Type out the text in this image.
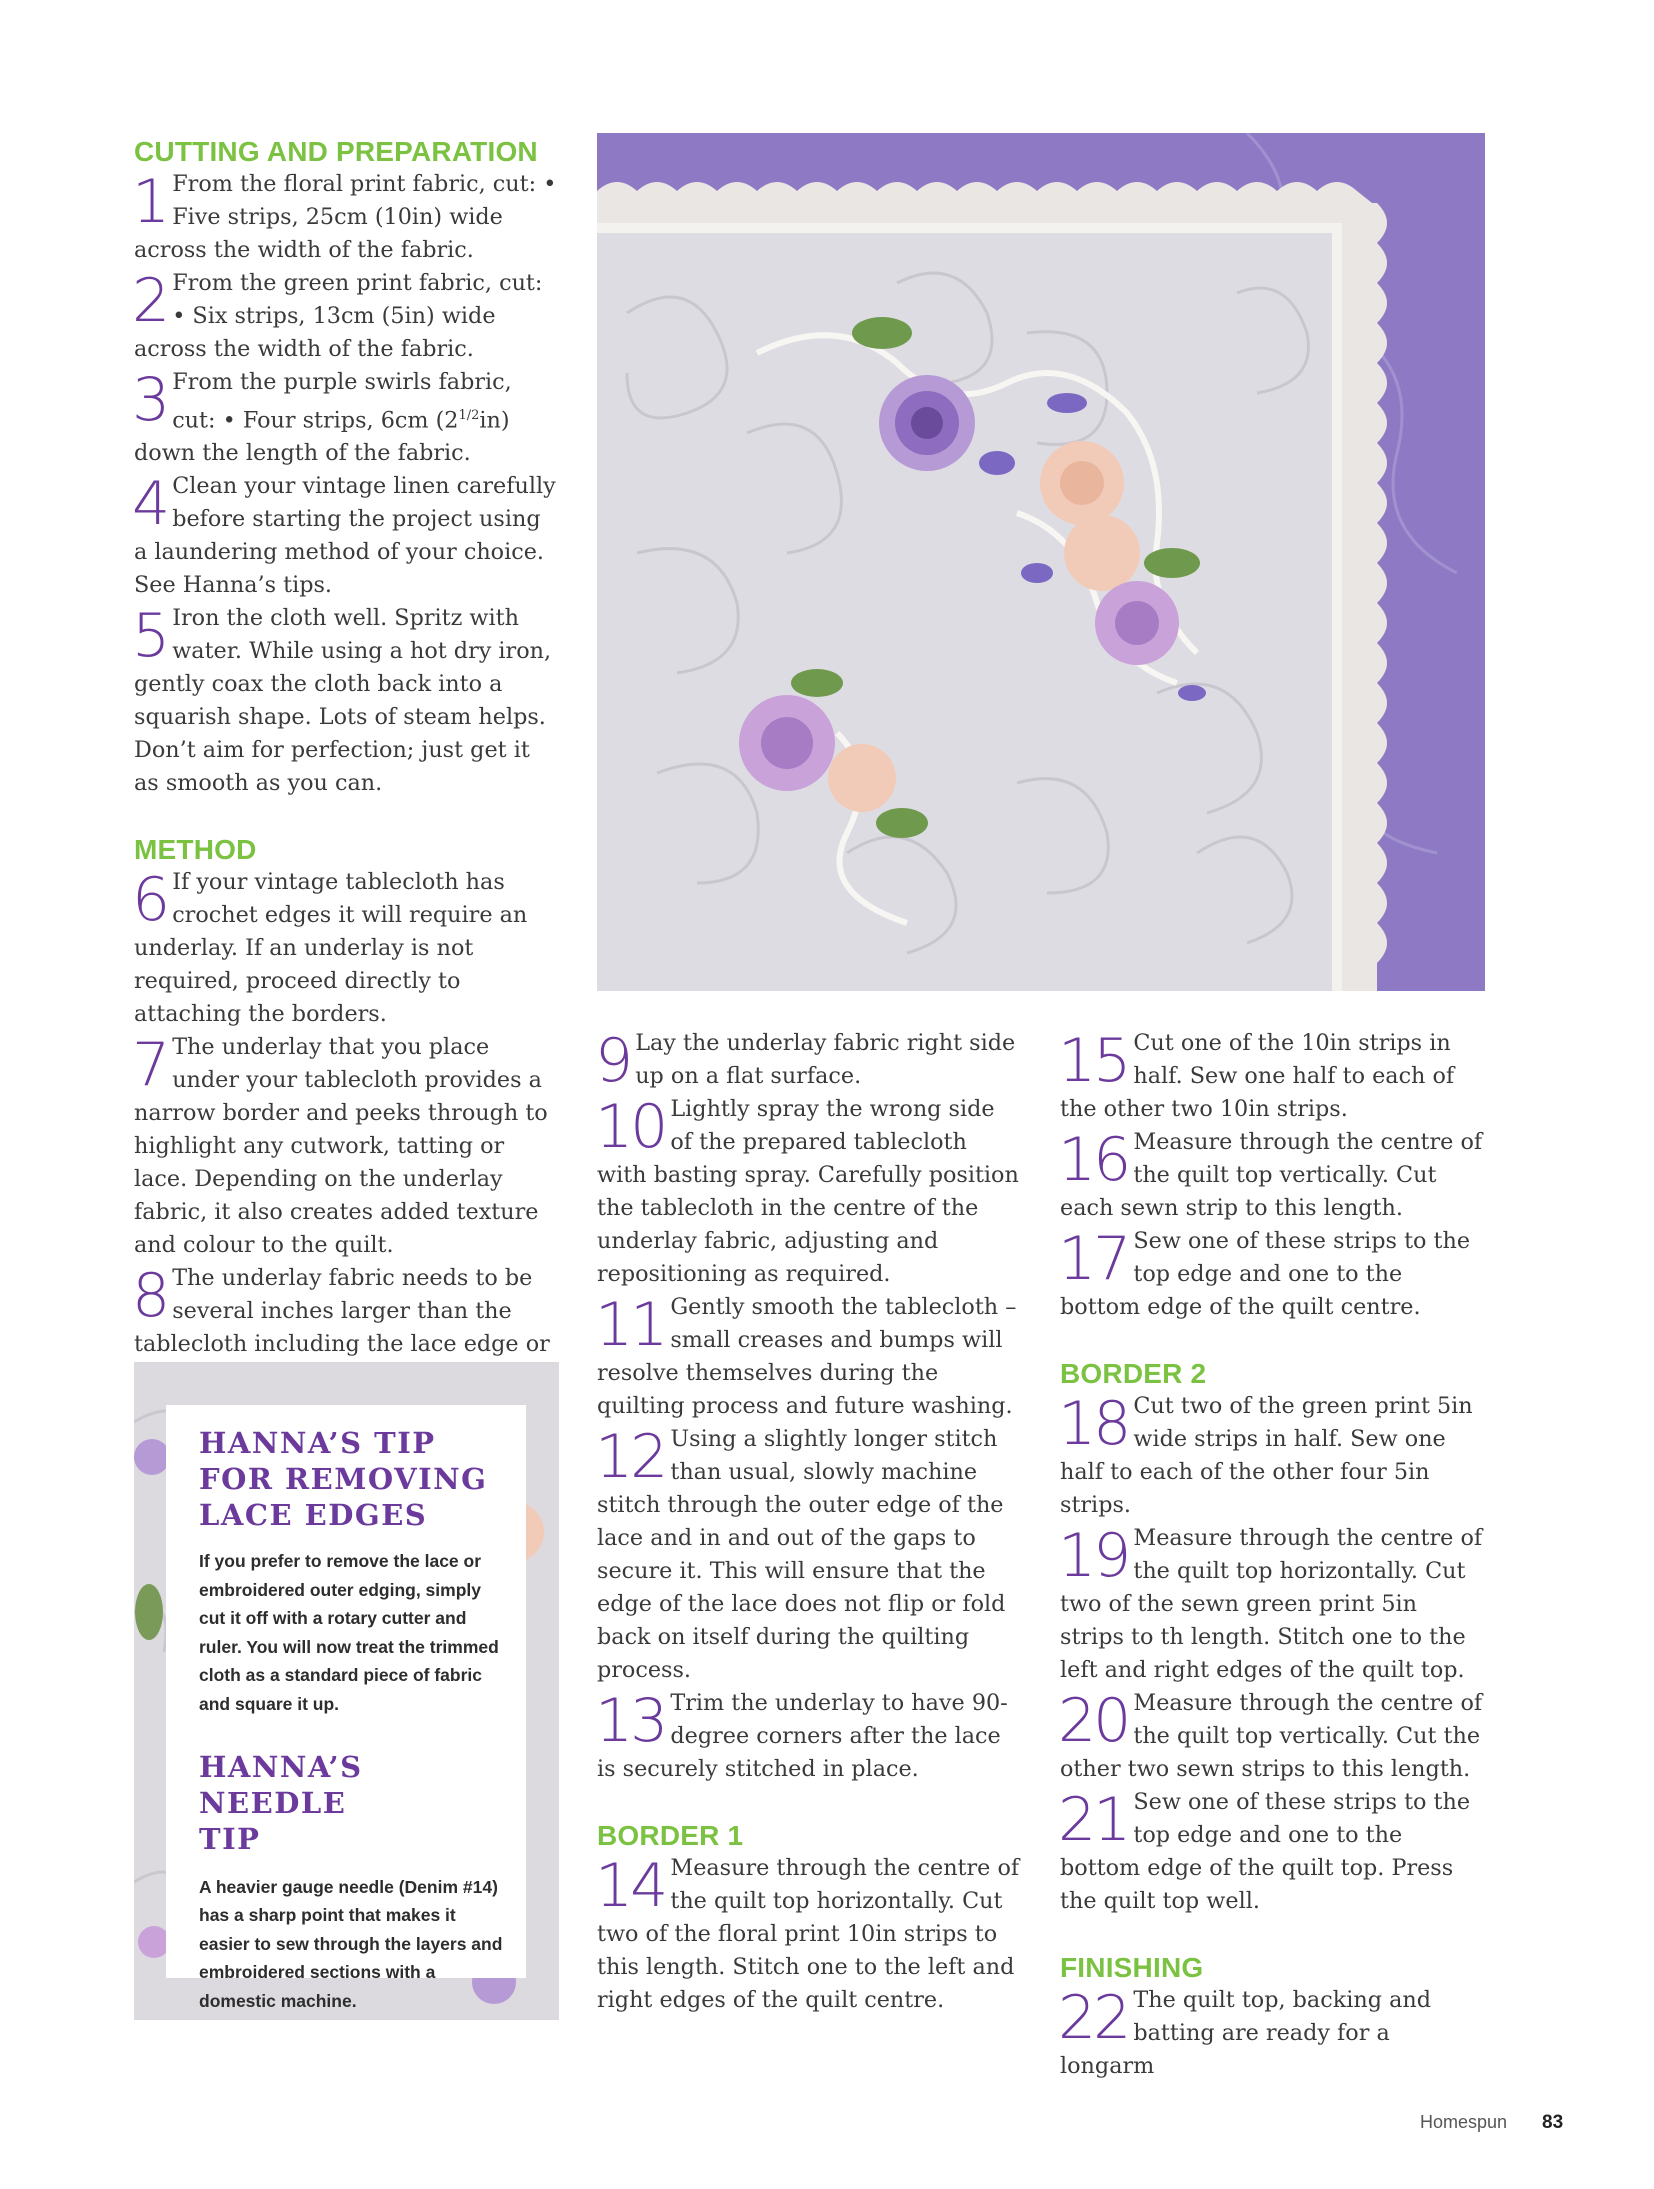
CUTTING AND PREPARATION

1 From the floral print fabric, cut: • Five strips, 25cm (10in) wide across the width of the fabric.

2 From the green print fabric, cut: • Six strips, 13cm (5in) wide across the width of the fabric.

3 From the purple swirls fabric, cut: • Four strips, 6cm $(2^{1/2}in)$ down the length of the fabric.

4 Clean your vintage linen carefully before starting the project using a laundering method of your choice. See Hanna’s tips.

5 Iron the cloth well. Spritz with water. While using a hot dry iron, gently coax the cloth back into a squarish shape. Lots of steam helps. Don’t aim for perfection; just get it as smooth as you can.

METHOD

6 If your vintage tablecloth has crochet edges it will require an underlay. If an underlay is not required, proceed directly to attaching the borders.

7 The underlay that you place under your tablecloth provides a narrow border and peeks through to highlight any cutwork, tatting or lace. Depending on the underlay fabric, it also creates added texture and colour to the quilt.

8 The underlay fabric needs to be several inches larger than the tablecloth including the lace edge or

HANNA’S TIP FOR REMOVING LACE EDGES

If you prefer to remove the lace or embroidered outer edging, simply cut it off with a rotary cutter and ruler. You will now treat the trimmed cloth as a standard piece of fabric and square it up.

HANNA’S NEEDLE TIP

A heavier gauge needle (Denim #14) has a sharp point that makes it easier to sew through the layers and embroidered sections with a domestic machine.

9 Lay the underlay fabric right side up on a flat surface.

10 Lightly spray the wrong side of the prepared tablecloth with basting spray. Carefully position the tablecloth in the centre of the underlay fabric, adjusting and repositioning as required.

11 Gently smooth the tablecloth – small creases and bumps will resolve themselves during the quilting process and future washing.

12 Using a slightly longer stitch than usual, slowly machine stitch through the outer edge of the lace and in and out of the gaps to secure it. This will ensure that the edge of the lace does not flip or fold back on itself during the quilting process.

13 Trim the underlay to have 90-degree corners after the lace is securely stitched in place.

BORDER 1

14 Measure through the centre of the quilt top horizontally. Cut two of the floral print 10in strips to this length. Stitch one to the left and right edges of the quilt centre.

15 Cut one of the 10in strips in half. Sew one half to each of the other two 10in strips.

16 Measure through the centre of the quilt top vertically. Cut each sewn strip to this length.

17 Sew one of these strips to the top edge and one to the bottom edge of the quilt centre.

BORDER 2

18 Cut two of the green print 5in wide strips in half. Sew one half to each of the other four 5in strips.

19 Measure through the centre of the quilt top horizontally. Cut two of the sewn green print 5in strips to th length. Stitch one to the left and right edges of the quilt top.

20 Measure through the centre of the quilt top vertically. Cut the other two sewn strips to this length.

21 Sew one of these strips to the top edge and one to the bottom edge of the quilt top. Press the quilt top well.

FINISHING

22 The quilt top, backing and batting are ready for a longarm

Homespun 83
